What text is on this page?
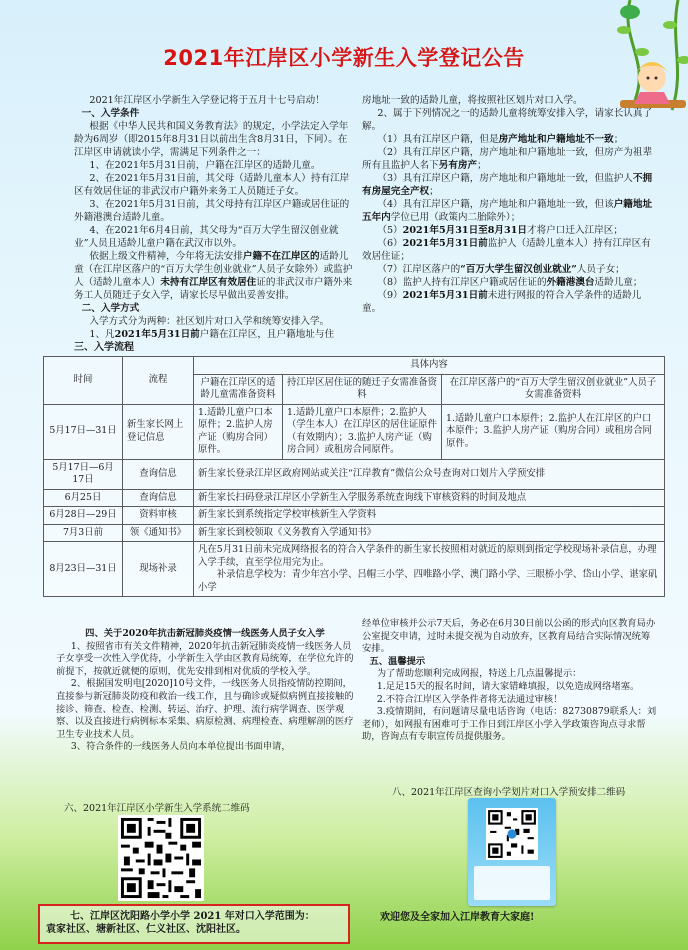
2021年江岸区小学新生入学登记公告

2021年江岸区小学新生入学登记将于五月十七号启动！

一、入学条件

根据《中华人民共和国义务教育法》的规定，小学法定入学年龄为6周岁（即2015年8月31日以前出生含8月31日，下同）。在江岸区申请就读小学，需满足下列条件之一：

1、在2021年5月31日前，户籍在江岸区的适龄儿童。

2、在2021年5月31日前，其父母（适龄儿童本人）持有江岸区有效居住证的非武汉市户籍外来务工人员随迁子女。

3、在2021年5月31日前，其父母持有江岸区户籍或居住证的外籍港澳台适龄儿童。

4、在2021年6月4日前，其父母为“百万大学生留汉创业就业”人员且适龄儿童户籍在武汉市以外。

依据上级文件精神，今年将无法安排户籍不在江岸区的适龄儿童（在江岸区落户的“百万大学生创业就业”人员子女除外）或监护人（适龄儿童本人）未持有江岸区有效居住证的非武汉市户籍外来务工人员随迁子女入学，请家长尽早做出妥善安排。

二、入学方式

入学方式分为两种：社区划片对口入学和统筹安排入学。

1、凡2021年5月31日前户籍在江岸区，且户籍地址与住

房地址一致的适龄儿童，将按照社区划片对口入学。

2、属于下列情况之一的适龄儿童将统筹安排入学，请家长认真了解。

（1）具有江岸区户籍，但是房产地址和户籍地址不一致；

（2）具有江岸区户籍，房产地址和户籍地址一致，但房产为祖辈所有且监护人名下另有房产；

（3）具有江岸区户籍，房产地址和户籍地址一致，但监护人不拥有房屋完全产权；

（4）具有江岸区户籍，房产地址和户籍地址一致，但该户籍地址五年内学位已用（政策内二胎除外）；

（5）2021年5月31日至8月31日才将户口迁入江岸区；

（6）2021年5月31日前监护人（适龄儿童本人）持有江岸区有效居住证；

（7）江岸区落户的“百万大学生留汉创业就业”人员子女；

（8）监护人持有江岸区户籍或居住证的外籍港澳台适龄儿童；

（9）2021年5月31日前未进行网报的符合入学条件的适龄儿童。

三、入学流程
时间	流程	具体内容		
		户籍在江岸区的适龄儿童需准备资料	持江岸区居住证的随迁子女需准备资料	在江岸区落户的“百万大学生留汉创业就业”人员子女需准备资料
5月17日—31日	新生家长网上登记信息	1.适龄儿童户口本原件；2.监护人房产证（购房合同）原件。	1.适龄儿童户口本原件；2.监护人（学生本人）在江岸区的居住证原件（有效期内）；3.监护人房产证（购房合同）或租房合同原件。	1.适龄儿童户口本原件；2.监护人在江岸区的户口本原件；3.监护人房产证（购房合同）或租房合同原件。
5月17日—6月17日	查询信息	新生家长登录江岸区政府网站或关注“江岸教育”微信公众号查询对口划片入学预安排		
6月25日	查询信息	新生家长扫码登录江岸区小学新生入学服务系统查询线下审核资料的时间及地点		
6月28日—29日	资料审核	新生家长到系统指定学校审核新生入学资料		
7月3日前	领《通知书》	新生家长到校领取《义务教育入学通知书》		
8月23日—31日	现场补录	凡在5月31日前未完成网络报名的符合入学条件的新生家长按照相对就近的原则到指定学校现场补录信息，办理入学手续，直至学位用完为止。
补录信息学校为：青少年宫小学、吕帽三小学、四唯路小学、澳门路小学、三眼桥小学、岱山小学、谌家矶小学		

四、关于2020年抗击新冠肺炎疫情一线医务人员子女入学

1、按照省市有关文件精神，2020年抗击新冠肺炎疫情一线医务人员子女享受一次性入学优待，小学新生入学由区教育局统筹，在学位允许的前提下，按就近就便的原则，优先安排到相对优质的学校入学。

2、根据国发明电[2020]10号文件，一线医务人员指疫情防控期间，直接参与新冠肺炎防疫和救治一线工作，且与确诊或疑似病例直接接触的接诊、筛查、检查、检测、转运、治疗、护理、流行病学调查、医学观察、以及直接进行病例标本采集、病原检测、病理检查、病理解剖的医疗卫生专业技术人员。

3、符合条件的一线医务人员向本单位提出书面申请，

经单位审核并公示7天后，务必在6月30日前以公函的形式向区教育局办公室提交申请，过时未提交视为自动放弃，区教育局结合实际情况统筹安排。

五、温馨提示

为了帮助您顺利完成网报，特送上几点温馨提示：

1.足足15天的报名时间，请大家错峰填报，以免造成网络堵塞。

2.不符合江岸区入学条件者将无法通过审核！

3.疫情期间，有问题请尽量电话咨询（电话：82730879联系人：刘老师），如网报有困难可于工作日到江岸区小学入学政策咨询点寻求帮助，咨询点有专职宣传员提供服务。

六、2021年江岸区小学新生入学系统二维码
八、2021年江岸区查询小学划片对口入学预安排二维码
七、江岸区沈阳路小学小学 2021 年对口入学范围为：
袁家社区、塘新社区、仁义社区、沈阳社区。
欢迎您及全家加入江岸教育大家庭!
